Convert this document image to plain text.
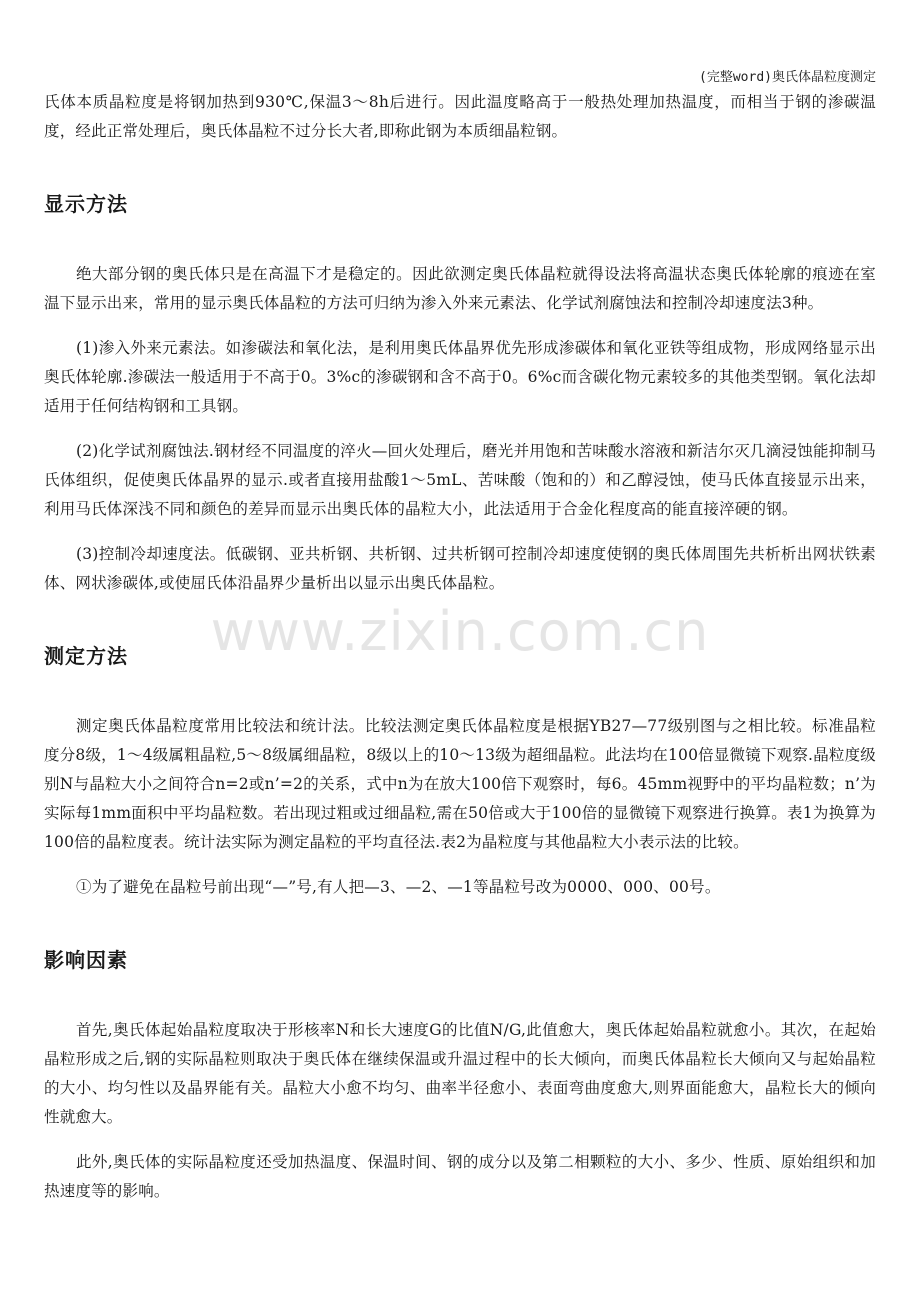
(完整word)奥氏体晶粒度测定
www.zixin.com.cn

氏体本质晶粒度是将钢加热到930℃,保温3～8h后进行。因此温度略高于一般热处理加热温度，而相当于钢的渗碳温度，经此正常处理后，奥氏体晶粒不过分长大者,即称此钢为本质细晶粒钢。

显示方法

绝大部分钢的奥氏体只是在高温下才是稳定的。因此欲测定奥氏体晶粒就得设法将高温状态奥氏体轮廓的痕迹在室温下显示出来，常用的显示奥氏体晶粒的方法可归纳为渗入外来元素法、化学试剂腐蚀法和控制冷却速度法3种。

(1)渗入外来元素法。如渗碳法和氧化法，是利用奥氏体晶界优先形成渗碳体和氧化亚铁等组成物，形成网络显示出奥氏体轮廓.渗碳法一般适用于不高于0。3%c的渗碳钢和含不高于0。6%c而含碳化物元素较多的其他类型钢。氧化法却适用于任何结构钢和工具钢。

(2)化学试剂腐蚀法.钢材经不同温度的淬火—回火处理后，磨光并用饱和苦味酸水溶液和新洁尔灭几滴浸蚀能抑制马氏体组织，促使奥氏体晶界的显示.或者直接用盐酸1～5mL、苦味酸（饱和的）和乙醇浸蚀，使马氏体直接显示出来，利用马氏体深浅不同和颜色的差异而显示出奥氏体的晶粒大小，此法适用于合金化程度高的能直接淬硬的钢。

(3)控制冷却速度法。低碳钢、亚共析钢、共析钢、过共析钢可控制冷却速度使钢的奥氏体周围先共析析出网状铁素体、网状渗碳体,或使屈氏体沿晶界少量析出以显示出奥氏体晶粒。

测定方法

测定奥氏体晶粒度常用比较法和统计法。比较法测定奥氏体晶粒度是根据YB27—77级别图与之相比较。标准晶粒度分8级，1～4级属粗晶粒,5～8级属细晶粒，8级以上的10～13级为超细晶粒。此法均在100倍显微镜下观察.晶粒度级别N与晶粒大小之间符合n=2或n’=2的关系，式中n为在放大100倍下观察时，每6。45mm视野中的平均晶粒数；n’为实际每1mm面积中平均晶粒数。若出现过粗或过细晶粒,需在50倍或大于100倍的显微镜下观察进行换算。表1为换算为100倍的晶粒度表。统计法实际为测定晶粒的平均直径法.表2为晶粒度与其他晶粒大小表示法的比较。

①为了避免在晶粒号前出现“—”号,有人把—3、—2、—1等晶粒号改为0000、000、00号。

影响因素

首先,奥氏体起始晶粒度取决于形核率N和长大速度G的比值N/G,此值愈大，奥氏体起始晶粒就愈小。其次，在起始晶粒形成之后,钢的实际晶粒则取决于奥氏体在继续保温或升温过程中的长大倾向，而奥氏体晶粒长大倾向又与起始晶粒的大小、均匀性以及晶界能有关。晶粒大小愈不均匀、曲率半径愈小、表面弯曲度愈大,则界面能愈大，晶粒长大的倾向性就愈大。

此外,奥氏体的实际晶粒度还受加热温度、保温时间、钢的成分以及第二相颗粒的大小、多少、性质、原始组织和加热速度等的影响。
